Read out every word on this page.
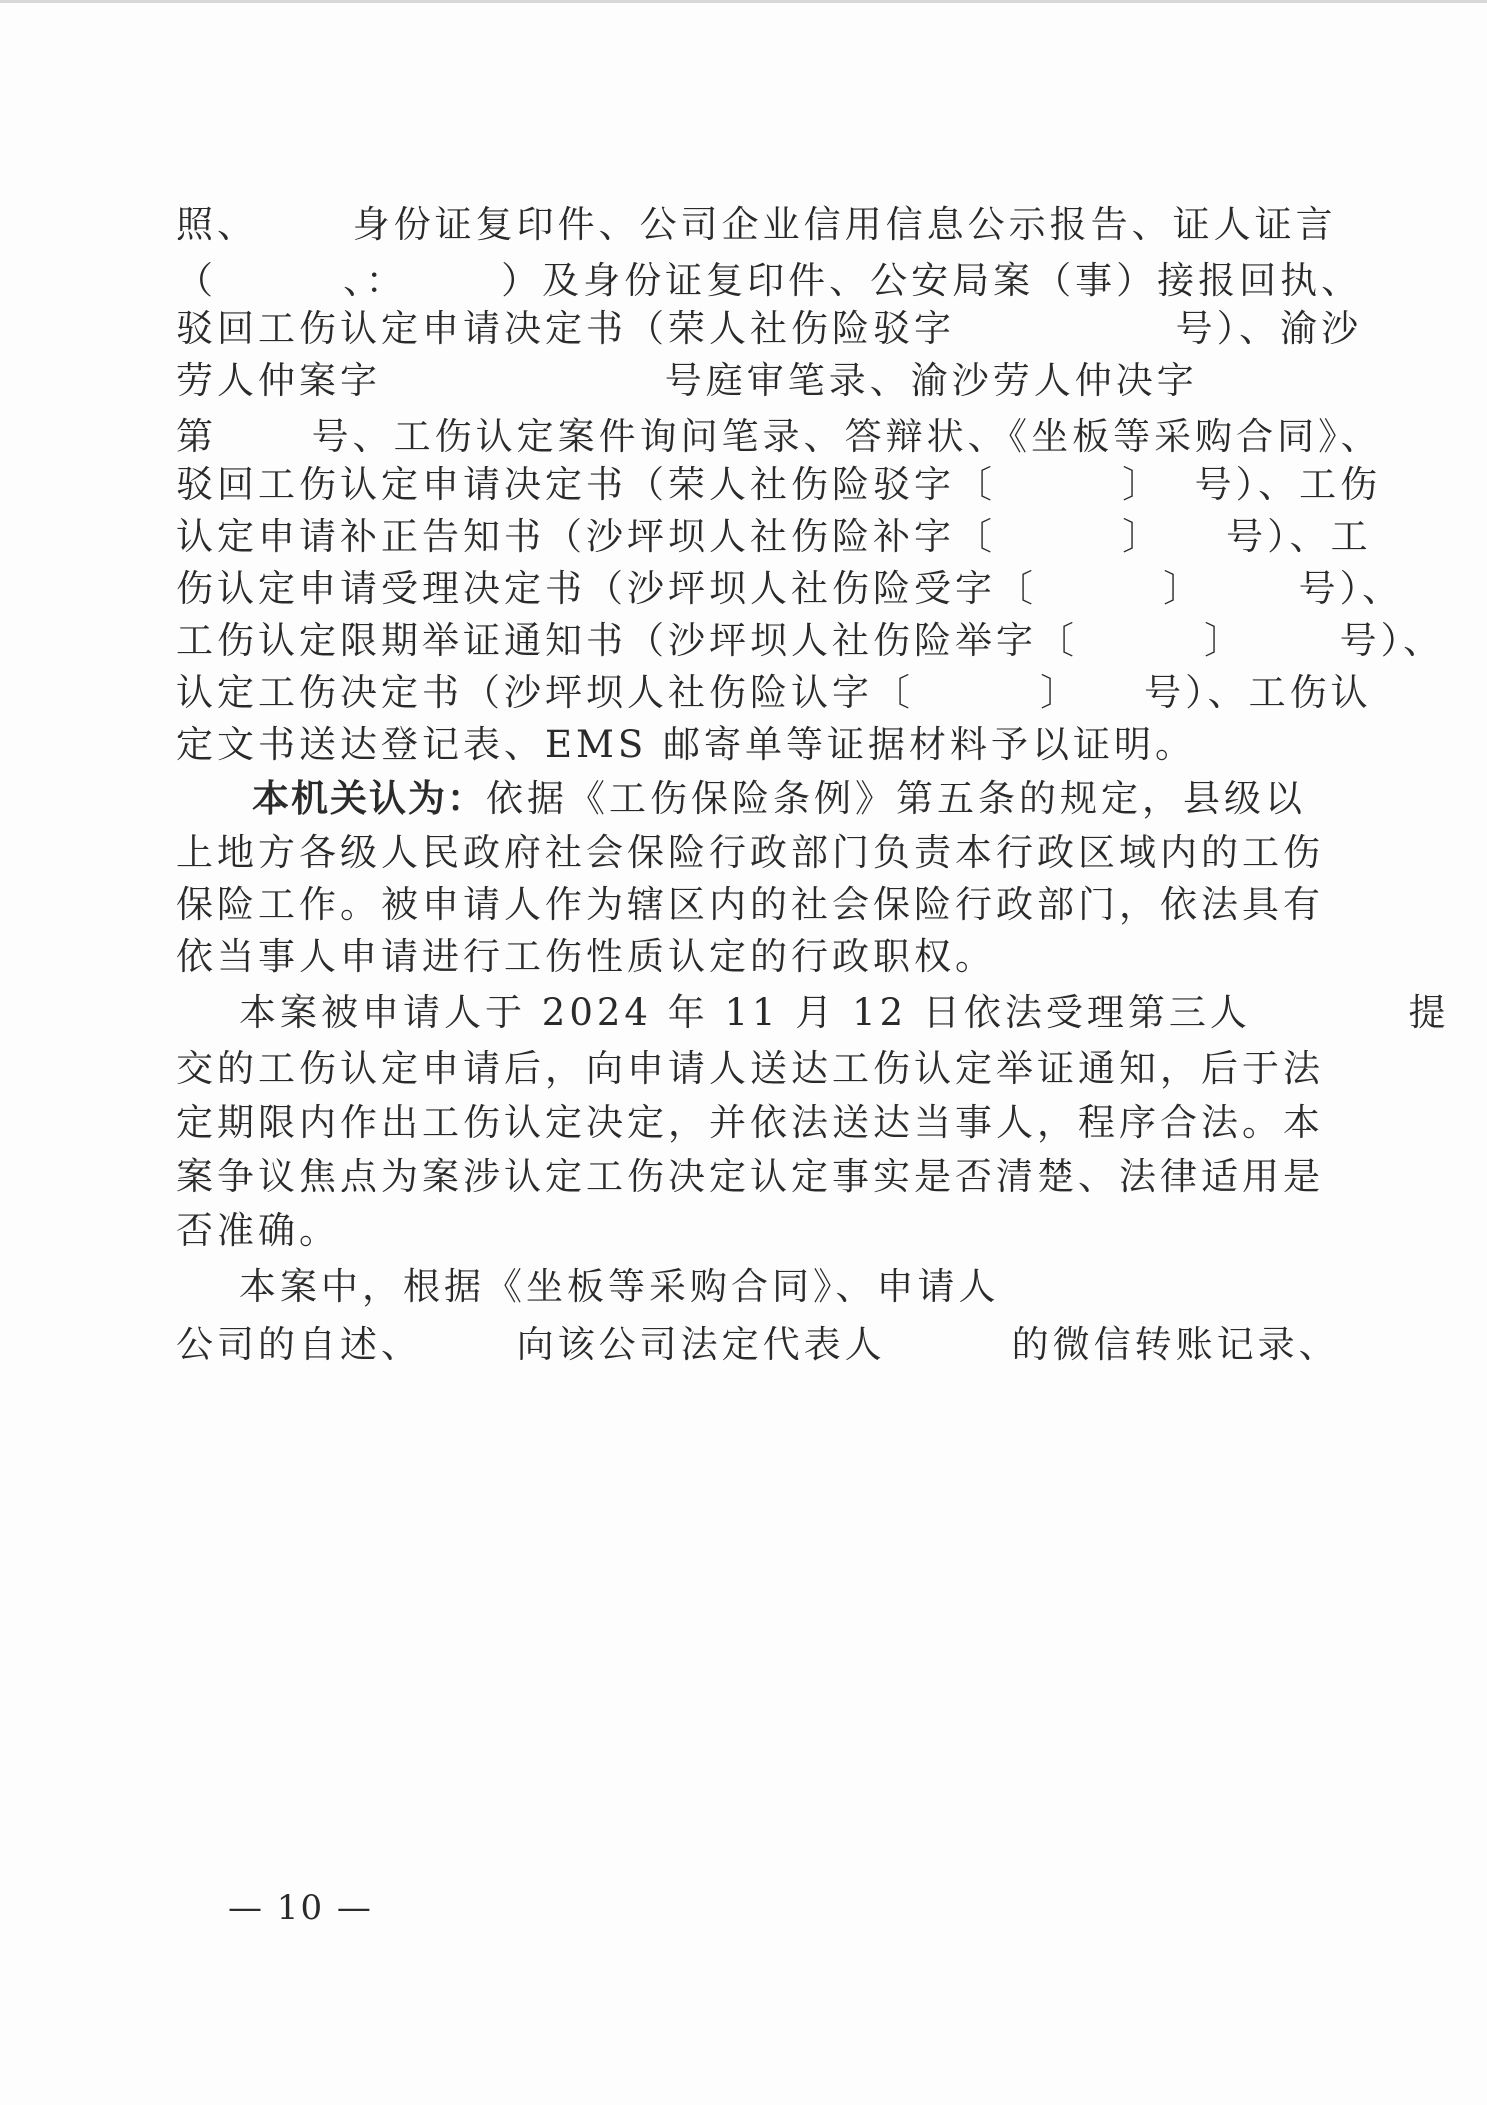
照、      身份证复印件、公司企业信用信息公示报告、证人证言
（        、：      ）及身份证复印件、公安局案（事）接报回执、
驳回工伤认定申请决定书（荣人社伤险驳字              号）、渝沙
劳人仲案字                  号庭审笔录、渝沙劳人仲决字
第      号、工伤认定案件询问笔录、答辩状、《坐板等采购合同》、
驳回工伤认定申请决定书（荣人社伤险驳字〔        〕  号）、工伤
认定申请补正告知书（沙坪坝人社伤险补字〔        〕    号）、工
伤认定申请受理决定书（沙坪坝人社伤险受字〔        〕      号）、
工伤认定限期举证通知书（沙坪坝人社伤险举字〔        〕      号）、
认定工伤决定书（沙坪坝人社伤险认字〔        〕    号）、工伤认
定文书送达登记表、EMS 邮寄单等证据材料予以证明。
本机关认为：依据《工伤保险条例》第五条的规定，县级以
上地方各级人民政府社会保险行政部门负责本行政区域内的工伤
保险工作。被申请人作为辖区内的社会保险行政部门，依法具有
依当事人申请进行工伤性质认定的行政职权。
本案被申请人于 2024 年 11 月 12 日依法受理第三人          提
交的工伤认定申请后，向申请人送达工伤认定举证通知，后于法
定期限内作出工伤认定决定，并依法送达当事人，程序合法。本
案争议焦点为案涉认定工伤决定认定事实是否清楚、法律适用是
否准确。
本案中，根据《坐板等采购合同》、申请人
公司的自述、      向该公司法定代表人        的微信转账记录、
— 10 —
